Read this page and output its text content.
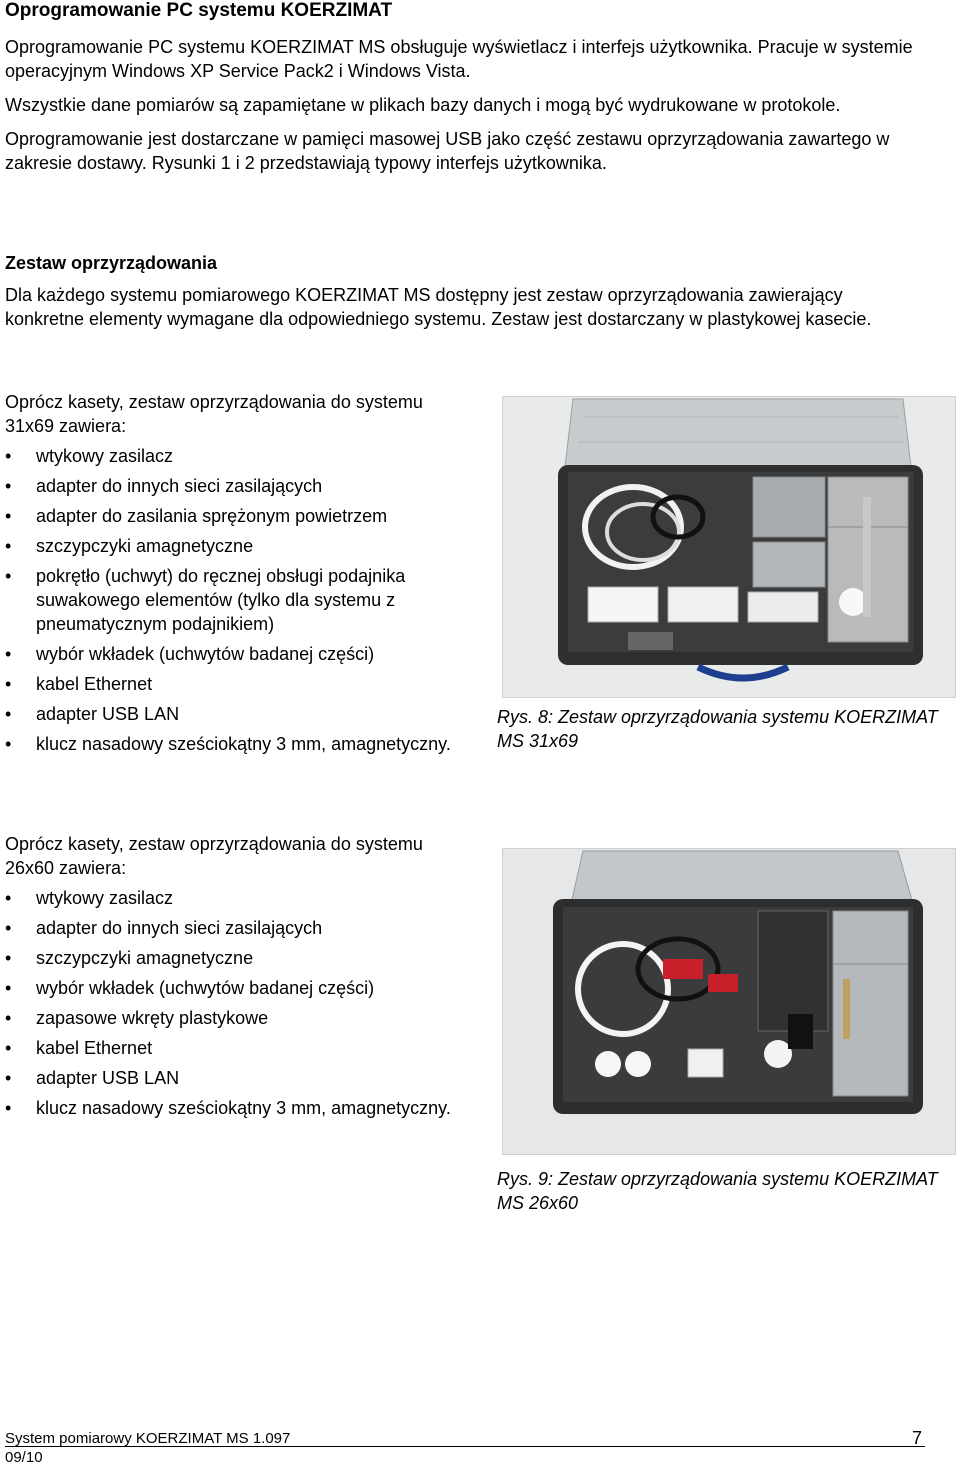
Oprogramowanie PC systemu KOERZIMAT

Oprogramowanie PC systemu KOERZIMAT MS obsługuje wyświetlacz i interfejs użytkownika. Pracuje w systemie operacyjnym Windows XP Service Pack2 i Windows Vista.

Wszystkie dane pomiarów są zapamiętane w plikach bazy danych i mogą być wydrukowane w protokole.

Oprogramowanie jest dostarczane w pamięci masowej USB jako część zestawu oprzyrządowania zawartego w zakresie dostawy. Rysunki 1 i 2 przedstawiają typowy interfejs użytkownika.

Zestaw oprzyrządowania

Dla każdego systemu pomiarowego KOERZIMAT MS dostępny jest zestaw oprzyrządowania zawierający konkretne elementy wymagane dla odpowiedniego systemu. Zestaw jest dostarczany w plastykowej kasecie.

Oprócz kasety, zestaw oprzyrządowania do systemu 31x69 zawiera:

•	wtykowy zasilacz
•	adapter do innych sieci zasilających
•	adapter do zasilania sprężonym powietrzem
•	szczypczyki amagnetyczne
•	pokrętło (uchwyt) do ręcznej obsługi podajnika suwakowego elementów (tylko dla systemu z pneumatycznym podajnikiem)
•	wybór wkładek (uchwytów badanej części)
•	kabel Ethernet
•	adapter USB LAN
•	klucz nasadowy sześciokątny 3 mm, amagnetyczny.
Rys. 8: Zestaw oprzyrządowania systemu KOERZIMAT MS 31x69

Oprócz kasety, zestaw oprzyrządowania do systemu 26x60 zawiera:

•	wtykowy zasilacz
•	adapter do innych sieci zasilających
•	szczypczyki amagnetyczne
•	wybór wkładek (uchwytów badanej części)
•	zapasowe wkręty plastykowe
•	kabel Ethernet
•	adapter USB LAN
•	klucz nasadowy sześciokątny 3 mm, amagnetyczny.
Rys. 9: Zestaw oprzyrządowania systemu KOERZIMAT MS 26x60
System pomiarowy KOERZIMAT MS 1.097	7
09/10
